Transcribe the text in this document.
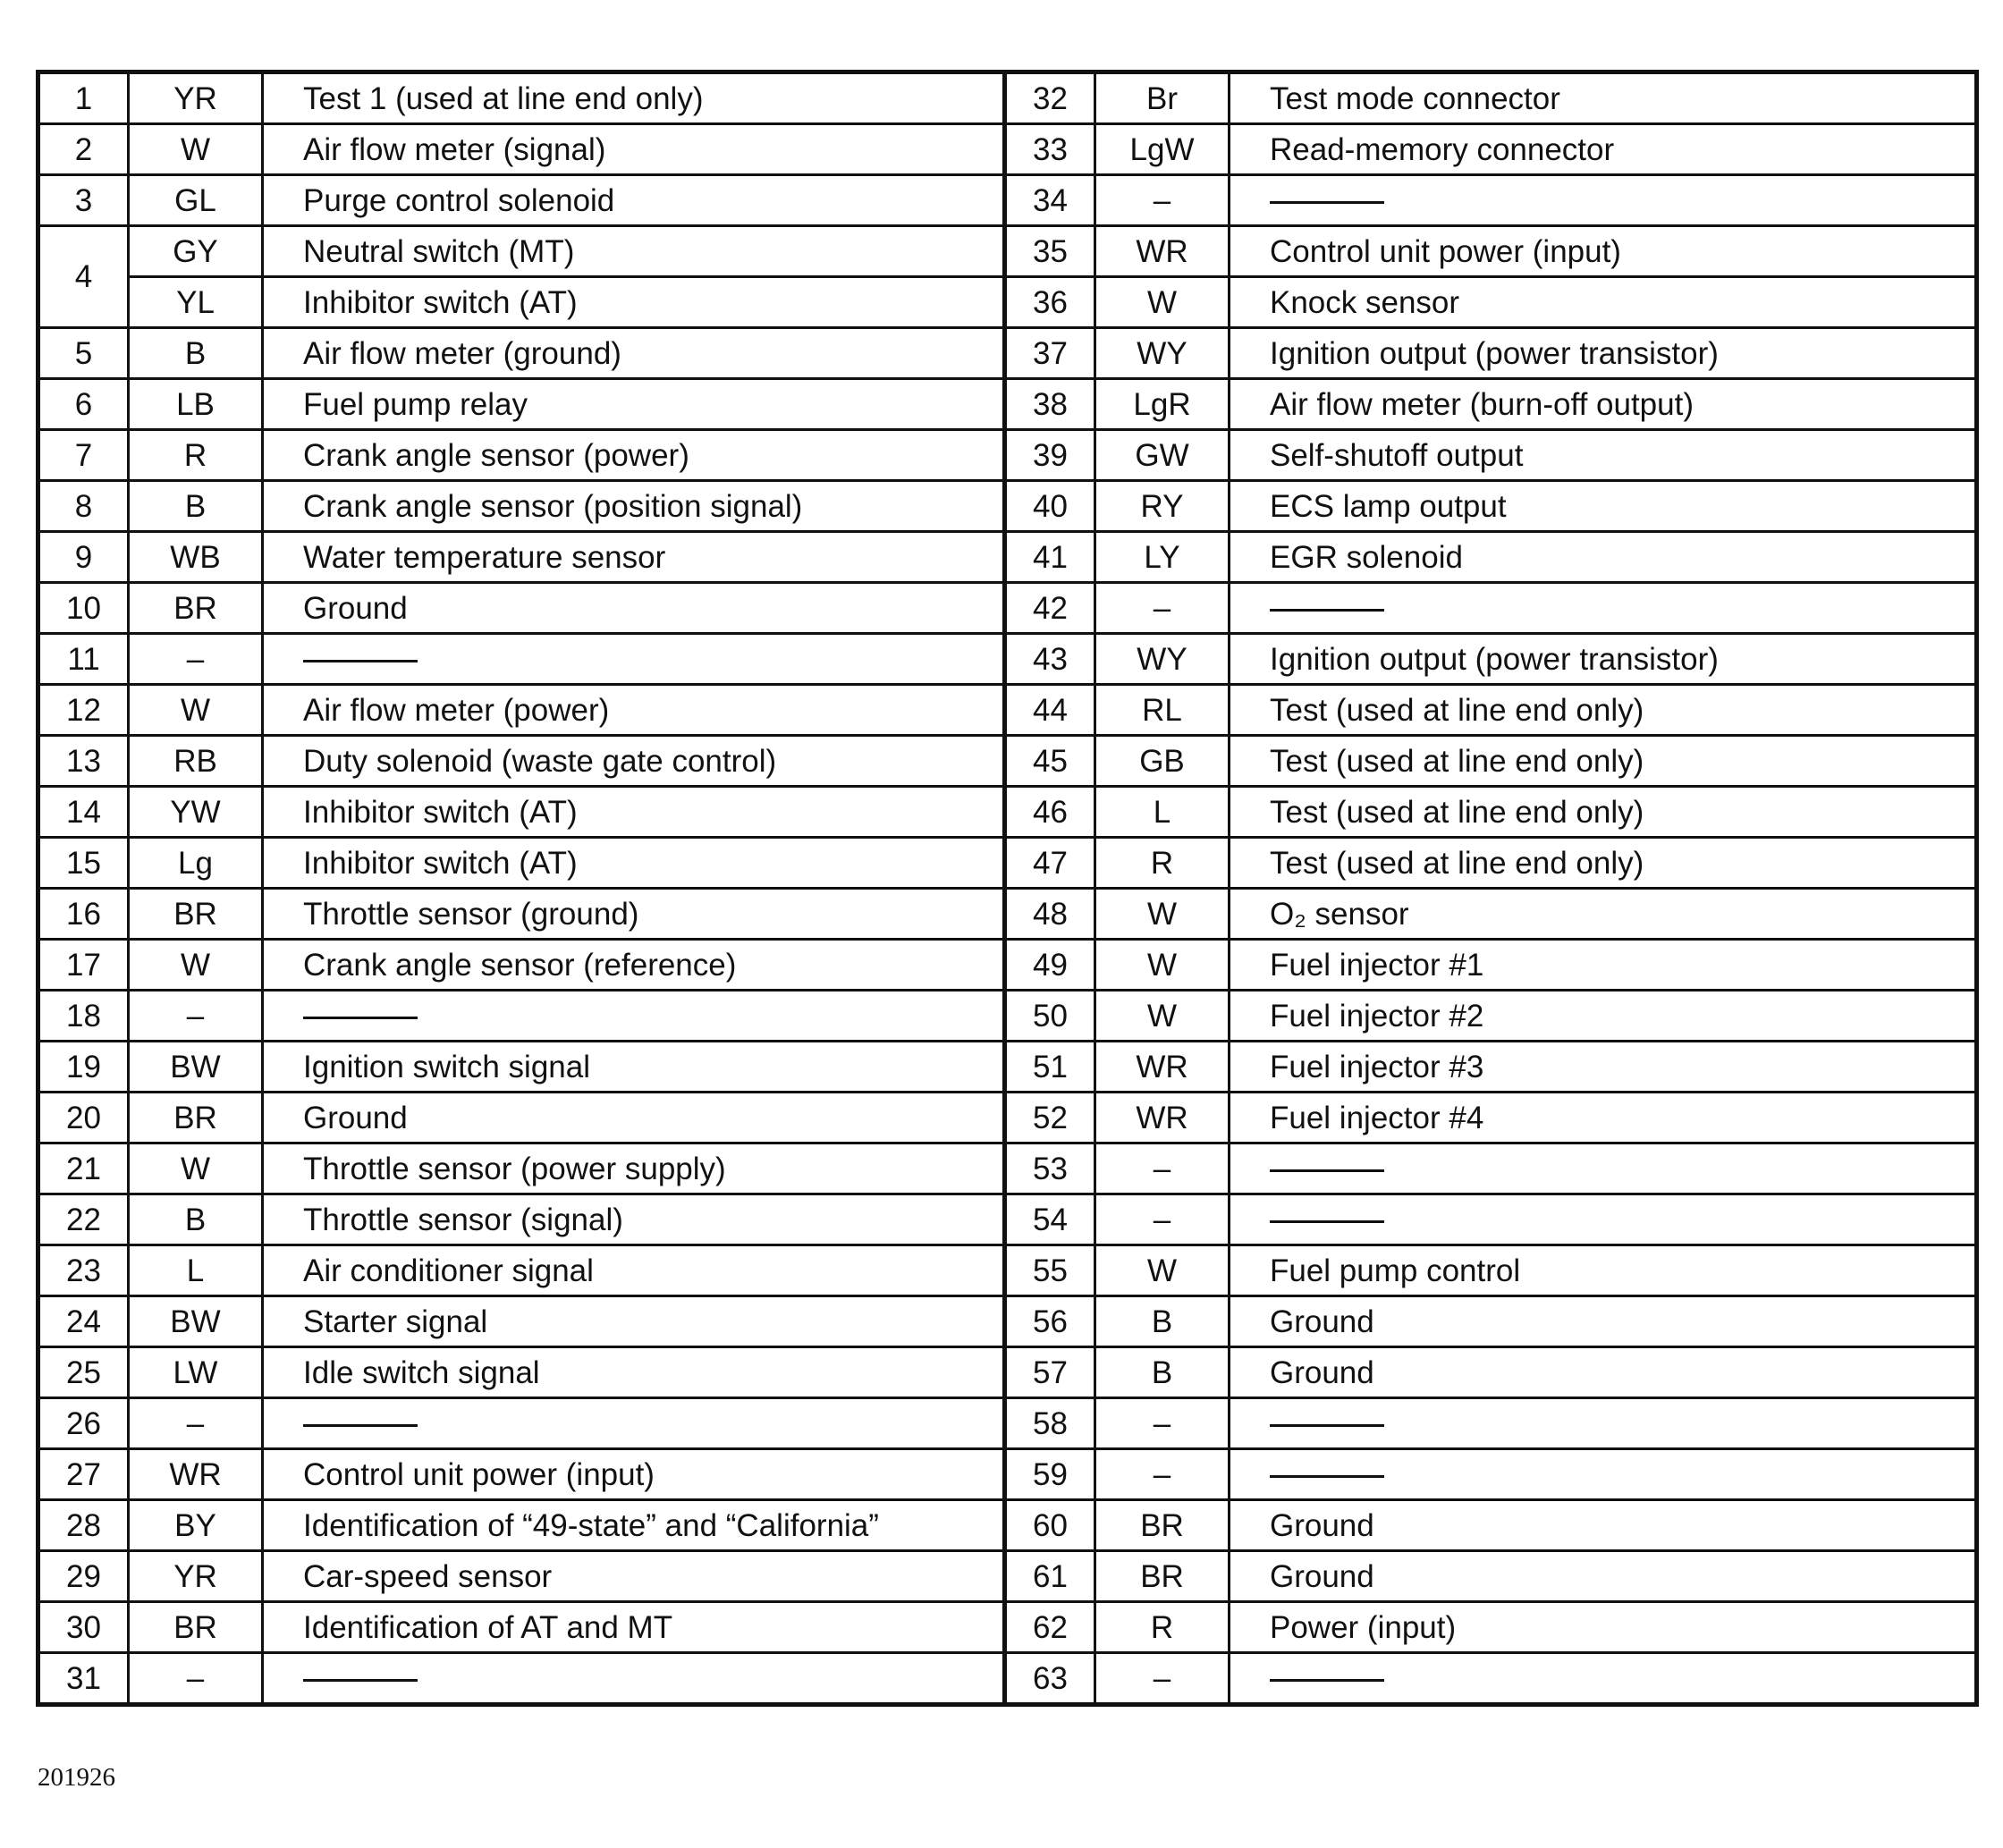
1	YR	Test 1 (used at line end only)	32	Br	Test mode connector
2	W	Air flow meter (signal)	33	LgW	Read-memory connector
3	GL	Purge control solenoid	34	–	
4	GY	Neutral switch (MT)	35	WR	Control unit power (input)
	YL	Inhibitor switch (AT)	36	W	Knock sensor
5	B	Air flow meter (ground)	37	WY	Ignition output (power transistor)
6	LB	Fuel pump relay	38	LgR	Air flow meter (burn-off output)
7	R	Crank angle sensor (power)	39	GW	Self-shutoff output
8	B	Crank angle sensor (position signal)	40	RY	ECS lamp output
9	WB	Water temperature sensor	41	LY	EGR solenoid
10	BR	Ground	42	–	
11	–		43	WY	Ignition output (power transistor)
12	W	Air flow meter (power)	44	RL	Test (used at line end only)
13	RB	Duty solenoid (waste gate control)	45	GB	Test (used at line end only)
14	YW	Inhibitor switch (AT)	46	L	Test (used at line end only)
15	Lg	Inhibitor switch (AT)	47	R	Test (used at line end only)
16	BR	Throttle sensor (ground)	48	W	O₂ sensor
17	W	Crank angle sensor (reference)	49	W	Fuel injector #1
18	–		50	W	Fuel injector #2
19	BW	Ignition switch signal	51	WR	Fuel injector #3
20	BR	Ground	52	WR	Fuel injector #4
21	W	Throttle sensor (power supply)	53	–	
22	B	Throttle sensor (signal)	54	–	
23	L	Air conditioner signal	55	W	Fuel pump control
24	BW	Starter signal	56	B	Ground
25	LW	Idle switch signal	57	B	Ground
26	–		58	–	
27	WR	Control unit power (input)	59	–	
28	BY	Identification of “49-state” and “California”	60	BR	Ground
29	YR	Car-speed sensor	61	BR	Ground
30	BR	Identification of AT and MT	62	R	Power (input)
31	–		63	–	
201926
